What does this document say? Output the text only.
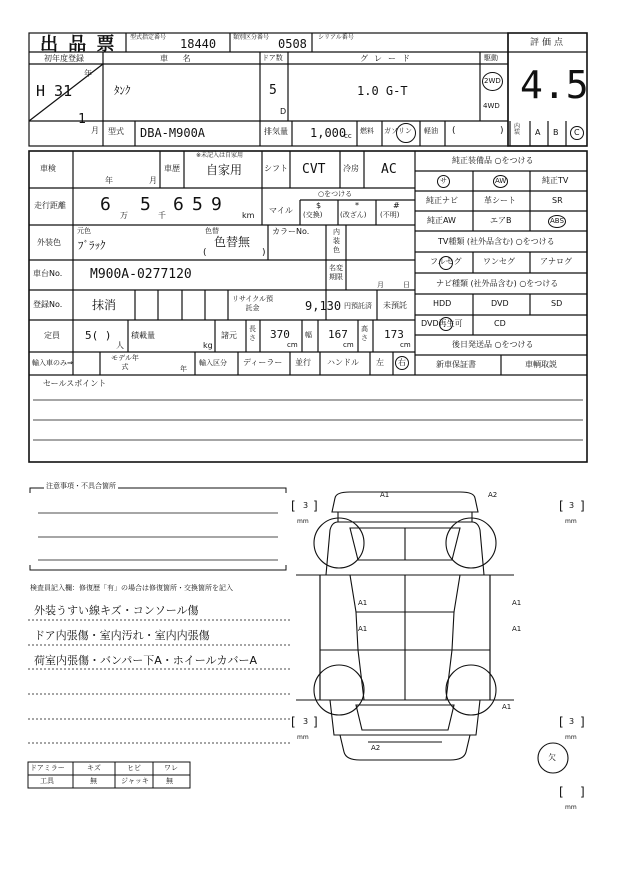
出 品 票 型式指定番号 18440	類別区分番号 0508 シリアル番号
評価点
4.5
初年度登録
年
H 31
1
月
車 名
ﾀﾝｸ
ドア数
5
D
グレード
1.0 G-T
駆動
2WD
4WD
型式 DBA-M900A	排気量 1,000
cc
燃料 ガソリン 軽油 (	) 内装	A B	C
車検
年	月
車歴
※未記入は自家用
自家用	シフト CVT 冷房 AC
走行距離 6
万
5
千
6 5 9
km
○をつける
マイル
$
(交換)
*
(改ざん)
#
(不明)
外装色
元色
ﾌﾞﾗｯｸ
色替
色替無
(	)
カラーNo.	内装色
車台No. M900A-0277120	名変期限
月	日
登録No. 抹消	リサイクル預託金	9,130 円預託済 未預託
定員 5( )
人
積載量
kg
諸元
長さ 370
cm
幅 167
cm
高さ 173
cm
輸入車のみ⇒
モデル年式	年
輸入区分 ディーラー 並行 ハンドル 左	右
純正装備品 ○をつける
サ	AW	純正TV
純正ナビ	革シート	SR
純正AW	エアB	ABS
TV種類 (社外品含む) ○をつける
フルセグ	ワンセグ	アナログ
ナビ種類 (社外品含む) ○をつける
HDD	DVD	SD
DVD再生可	CD
後日発送品 ○をつける
新車保証書	車輌取説
セールスポイント
注意事項・不具合箇所
検査員記入欄：修復歴「有」の場合は修復箇所・交換箇所を記入
外装うすい線キズ・コンソール傷
ドア内張傷・室内汚れ・室内内張傷
荷室内張傷・バンパー下A・ホイールカバーA
ドアミラー	キズ	ヒビ	ワレ
工具	無	ジャッキ 無
A1	A2
A1
A1
A1
A1
A1
A2
欠
[ 3 ]
mm
[ 3 ]
mm
[ 3 ]
mm
[ 3 ]
mm
[ ]
mm
